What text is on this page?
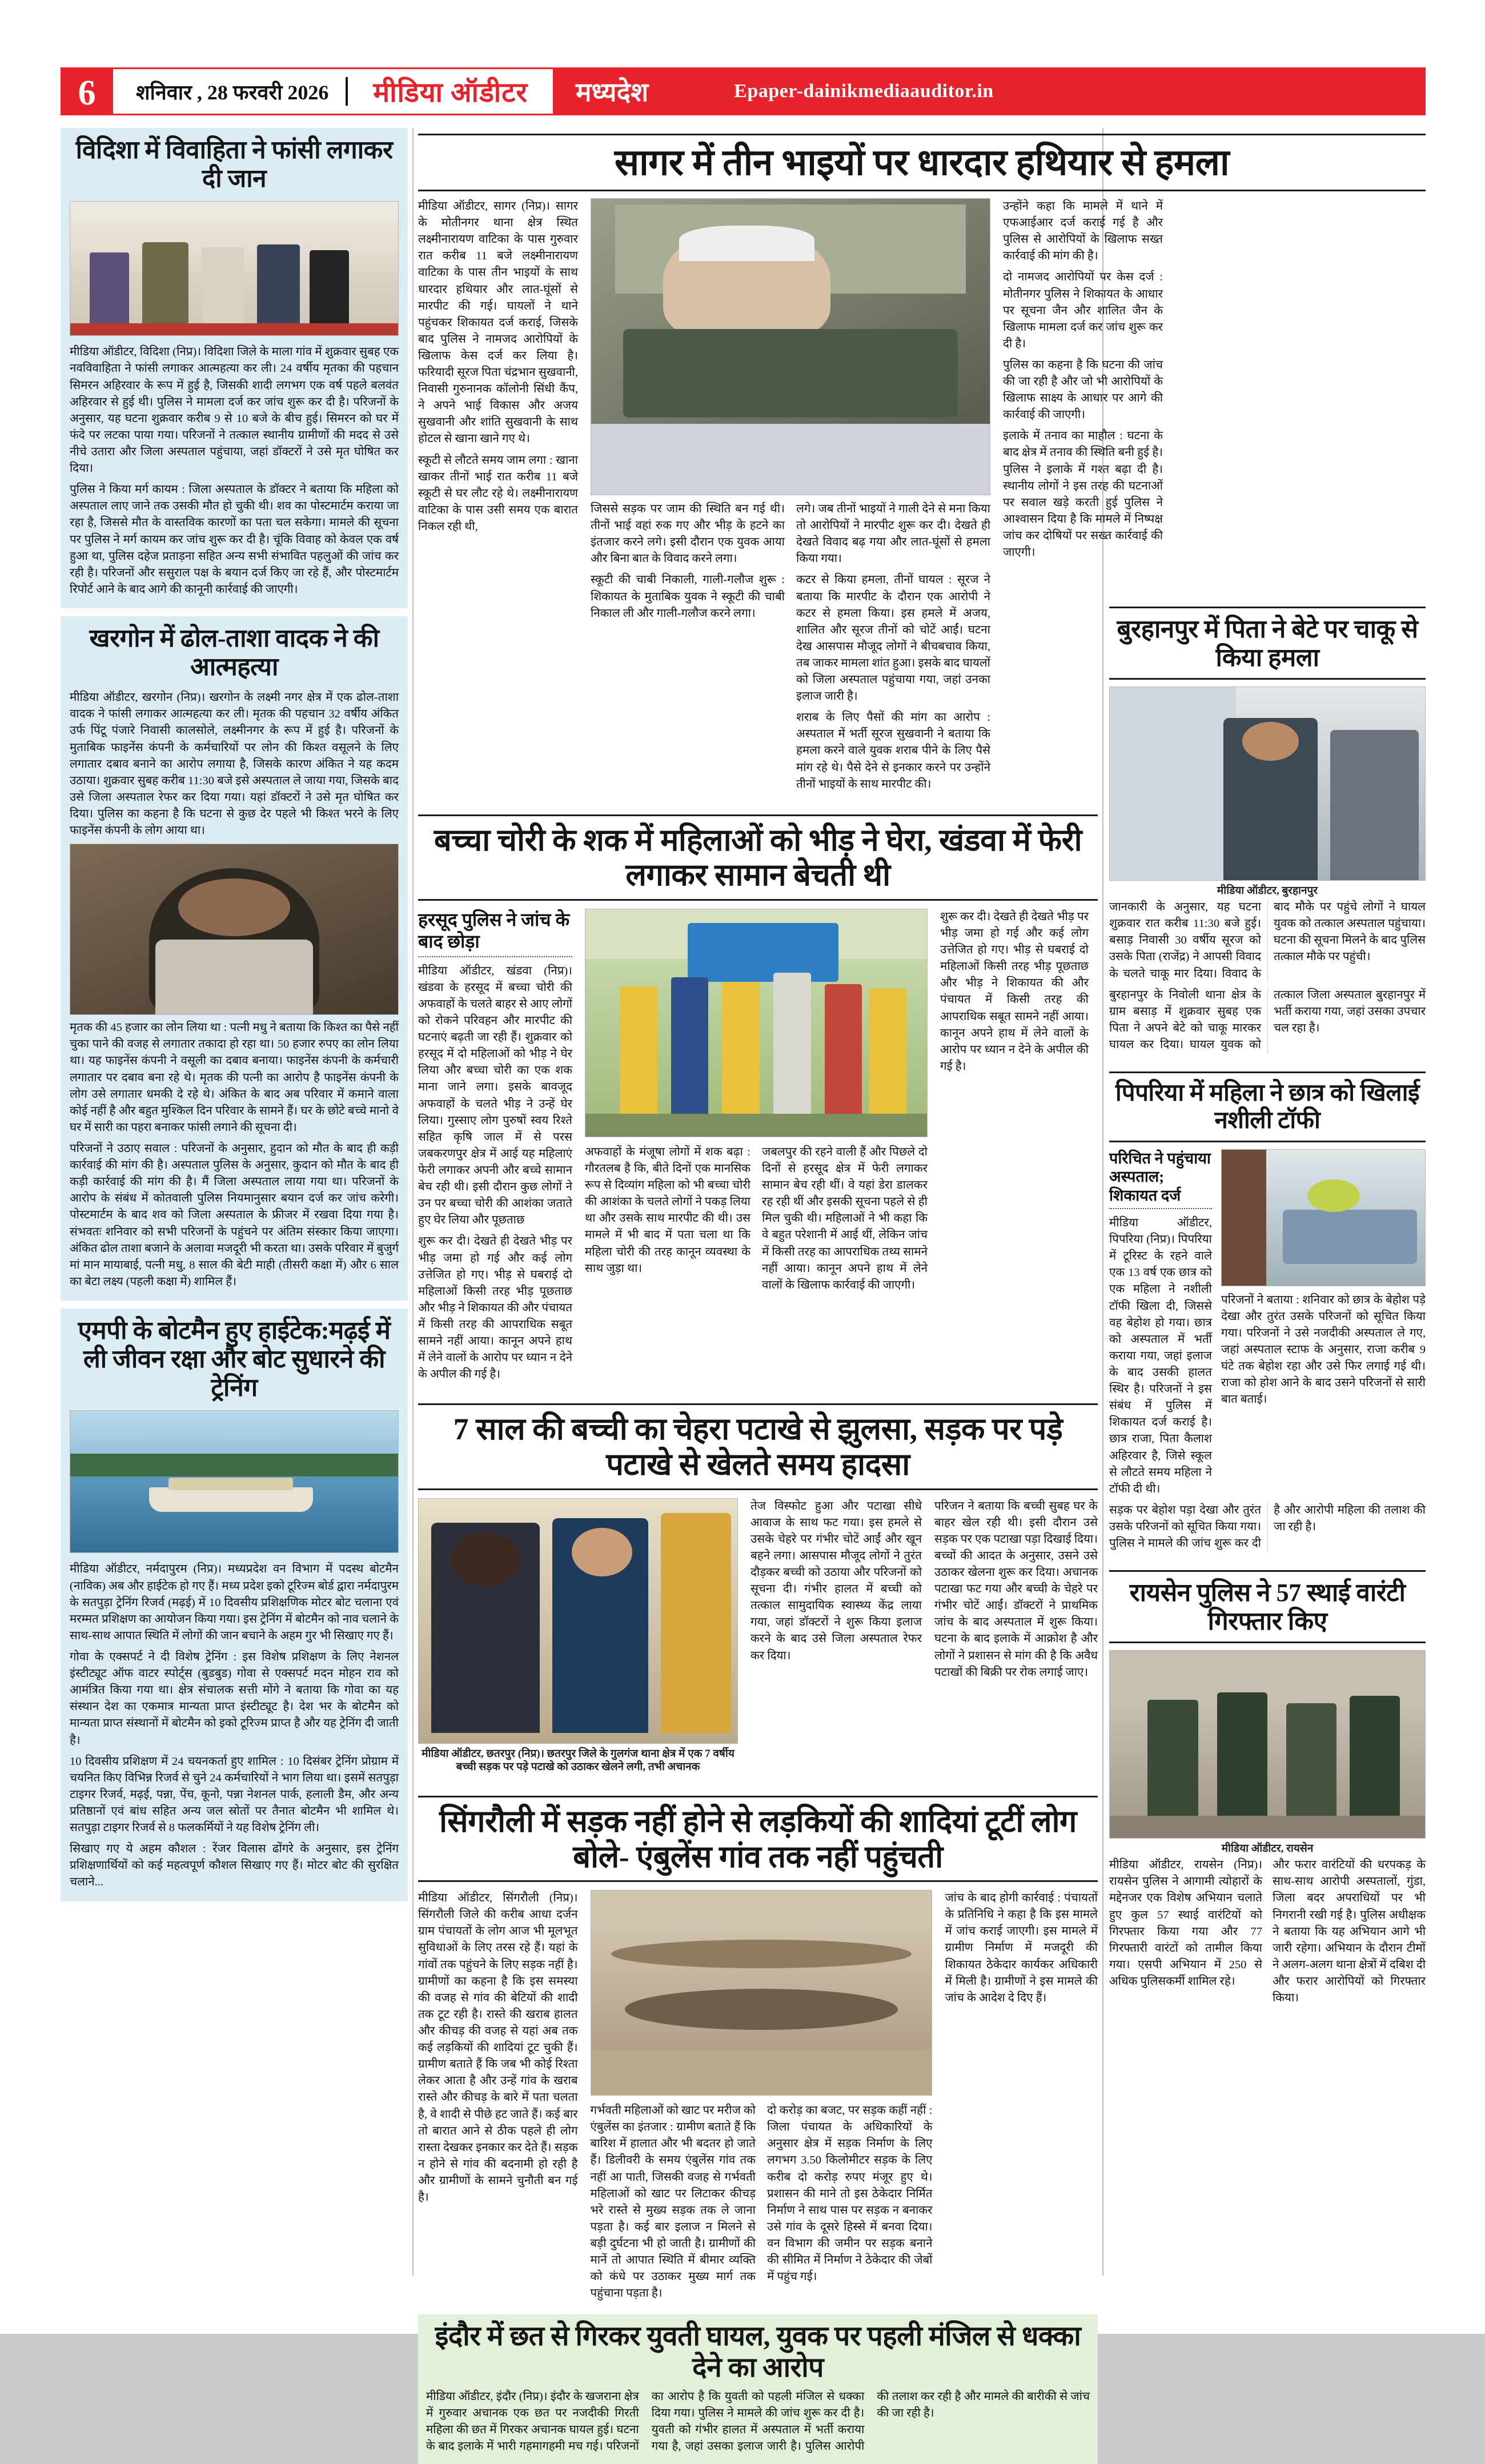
6	शनिवार , 28 फरवरी 2026	मीडिया ऑडीटर	मध्यदेश	Epaper-dainikmediaauditor.in
विदिशा में विवाहिता ने फांसी लगाकर दी जान
मीडिया ऑडीटर, विदिशा (निप्र)। विदिशा जिले के माला गांव में शुक्रवार सुबह एक नवविवाहिता ने फांसी लगाकर आत्महत्या कर ली। 24 वर्षीय मृतका की पहचान सिमरन अहिरवार के रूप में हुई है, जिसकी शादी लगभग एक वर्ष पहले बलवंत अहिरवार से हुई थी। पुलिस ने मामला दर्ज कर जांच शुरू कर दी है। परिजनों के अनुसार, यह घटना शुक्रवार करीब 9 से 10 बजे के बीच हुई। सिमरन को घर में फंदे पर लटका पाया गया। परिजनों ने तत्काल स्थानीय ग्रामीणों की मदद से उसे नीचे उतारा और जिला अस्पताल पहुंचाया, जहां डॉक्टरों ने उसे मृत घोषित कर दिया।
पुलिस ने किया मर्ग कायम : जिला अस्पताल के डॉक्टर ने बताया कि महिला को अस्पताल लाए जाने तक उसकी मौत हो चुकी थी। शव का पोस्टमार्टम कराया जा रहा है, जिससे मौत के वास्तविक कारणों का पता चल सकेगा। मामले की सूचना पर पुलिस ने मर्ग कायम कर जांच शुरू कर दी है। चूंकि विवाह को केवल एक वर्ष हुआ था, पुलिस दहेज प्रताड़ना सहित अन्य सभी संभावित पहलुओं की जांच कर रही है। परिजनों और ससुराल पक्ष के बयान दर्ज किए जा रहे हैं, और पोस्टमार्टम रिपोर्ट आने के बाद आगे की कानूनी कार्रवाई की जाएगी।
खरगोन में ढोल-ताशा वादक ने की आत्महत्या
मीडिया ऑडीटर, खरगोन (निप्र)। खरगोन के लक्ष्मी नगर क्षेत्र में एक ढोल-ताशा वादक ने फांसी लगाकर आत्महत्या कर ली। मृतक की पहचान 32 वर्षीय अंकित उर्फ पिंटू पंजारे निवासी कालसोले, लक्ष्मीनगर के रूप में हुई है। परिजनों के मुताबिक फाइनेंस कंपनी के कर्मचारियों पर लोन की किश्त वसूलने के लिए लगातार दबाव बनाने का आरोप लगाया है, जिसके कारण अंकित ने यह कदम उठाया। शुक्रवार सुबह करीब 11:30 बजे इसे अस्पताल ले जाया गया, जिसके बाद उसे जिला अस्पताल रेफर कर दिया गया। यहां डॉक्टरों ने उसे मृत घोषित कर दिया। पुलिस का कहना है कि घटना से कुछ देर पहले भी किश्त भरने के लिए फाइनेंस कंपनी के लोग आया था।
मृतक की 45 हजार का लोन लिया था : पत्नी मधु ने बताया कि किश्त का पैसे नहीं चुका पाने की वजह से लगातार तकादा हो रहा था। 50 हजार रुपए का लोन लिया था। यह फाइनेंस कंपनी ने वसूली का दबाव बनाया। फाइनेंस कंपनी के कर्मचारी लगातार पर दबाव बना रहे थे। मृतक की पत्नी का आरोप है फाइनेंस कंपनी के लोग उसे लगातार धमकी दे रहे थे। अंकित के बाद अब परिवार में कमाने वाला कोई नहीं है और बहुत मुश्किल दिन परिवार के सामने हैं। घर के छोटे बच्चे मानो वे घर में सारी का पहरा बनाकर फांसी लगाने की सूचना दी।
परिजनों ने उठाए सवाल : परिजनों के अनुसार, हुदान को मौत के बाद ही कड़ी कार्रवाई की मांग की है। अस्पताल पुलिस के अनुसार, कुदान को मौत के बाद ही कड़ी कार्रवाई की मांग की है। मैं जिला अस्पताल लाया गया था। परिजनों के आरोप के संबंध में कोतवाली पुलिस नियमानुसार बयान दर्ज कर जांच करेगी। पोस्टमार्टम के बाद शव को जिला अस्पताल के फ्रीजर में रखवा दिया गया है। संभवतः शनिवार को सभी परिजनों के पहुंचने पर अंतिम संस्कार किया जाएगा। अंकित ढोल ताशा बजाने के अलावा मजदूरी भी करता था। उसके परिवार में बुजुर्ग मां मान मायाबाई, पत्नी मधु, 8 साल की बेटी माही (तीसरी कक्षा में) और 6 साल का बेटा लक्ष्य (पहली कक्षा में) शामिल हैं।
एमपी के बोटमैन हुए हाईटेक:मढ़ई में ली जीवन रक्षा और बोट सुधारने की ट्रेनिंग
मीडिया ऑडीटर, नर्मदापुरम (निप्र)। मध्यप्रदेश वन विभाग में पदस्थ बोटमैन (नाविक) अब और हाईटेक हो गए हैं। मध्य प्रदेश इको टूरिज्म बोर्ड द्वारा नर्मदापुरम के सतपुड़ा ट्रेनिंग रिजर्व (मढ़ई) में 10 दिवसीय प्रशिक्षणिक मोटर बोट चलाना एवं मरम्मत प्रशिक्षण का आयोजन किया गया। इस ट्रेनिंग में बोटमैन को नाव चलाने के साथ-साथ आपात स्थिति में लोगों की जान बचाने के अहम गुर भी सिखाए गए हैं।
गोवा के एक्सपर्ट ने दी विशेष ट्रेनिंग : इस विशेष प्रशिक्षण के लिए नेशनल इंस्टीट्यूट ऑफ वाटर स्पोर्ट्स (बुडबुड) गोवा से एक्सपर्ट मदन मोहन राव को आमंत्रित किया गया था। क्षेत्र संचालक सत्ती मोंगे ने बताया कि गोवा का यह संस्थान देश का एकमात्र मान्यता प्राप्त इंस्टीट्यूट है। देश भर के बोटमैन को मान्यता प्राप्त संस्थानों में बोटमैन को इको टूरिज्म प्राप्त है और यह ट्रेनिंग दी जाती है।
10 दिवसीय प्रशिक्षण में 24 चयनकर्ता हुए शामिल : 10 दिसंबर ट्रेनिंग प्रोग्राम में चयनित किए विभिन्न रिजर्व से चुने 24 कर्मचारियों ने भाग लिया था। इसमें सतपुड़ा टाइगर रिजर्व, मढ़ई, पन्ना, पेंच, कूनो, पन्ना नेशनल पार्क, हलाली डैम, और अन्य प्रतिष्ठानों एवं बांध सहित अन्य जल स्रोतों पर तैनात बोटमैन भी शामिल थे। सतपुड़ा टाइगर रिजर्व से 8 फलकर्मियों ने यह विशेष ट्रेनिंग ली।
सिखाए गए ये अहम कौशल : रेंजर विलास ढोंगरे के अनुसार, इस ट्रेनिंग प्रशिक्षणार्थियों को कई महत्वपूर्ण कौशल सिखाए गए हैं। मोटर बोट की सुरक्षित चलाने...
सागर में तीन भाइयों पर धारदार हथियार से हमला
मीडिया ऑडीटर, सागर (निप्र)। सागर के मोतीनगर थाना क्षेत्र स्थित लक्ष्मीनारायण वाटिका के पास गुरुवार रात करीब 11 बजे लक्ष्मीनारायण वाटिका के पास तीन भाइयों के साथ धारदार हथियार और लात-घूंसों से मारपीट की गई। घायलों ने थाने पहुंचकर शिकायत दर्ज कराई, जिसके बाद पुलिस ने नामजद आरोपियों के खिलाफ केस दर्ज कर लिया है। फरियादी सूरज पिता चंद्रभान सुखवानी, निवासी गुरुनानक कॉलोनी सिंधी कैंप, ने अपने भाई विकास और अजय सुखवानी और शांति सुखवानी के साथ होटल से खाना खाने गए थे।
स्कूटी से लौटते समय जाम लगा : खाना खाकर तीनों भाई रात करीब 11 बजे स्कूटी से घर लौट रहे थे। लक्ष्मीनारायण वाटिका के पास उसी समय एक बारात निकल रही थी,
जिससे सड़क पर जाम की स्थिति बन गई थी। तीनों भाई वहां रुक गए और भीड़ के हटने का इंतजार करने लगे। इसी दौरान एक युवक आया और बिना बात के विवाद करने लगा।
स्कूटी की चाबी निकाली, गाली-गलौज शुरू : शिकायत के मुताबिक युवक ने स्कूटी की चाबी निकाल ली और गाली-गलौज करने लगा।
लगे। जब तीनों भाइयों ने गाली देने से मना किया तो आरोपियों ने मारपीट शुरू कर दी। देखते ही देखते विवाद बढ़ गया और लात-घूंसों से हमला किया गया।
कटर से किया हमला, तीनों घायल : सूरज ने बताया कि मारपीट के दौरान एक आरोपी ने कटर से हमला किया। इस हमले में अजय, शालित और सूरज तीनों को चोटें आईं। घटना देख आसपास मौजूद लोगों ने बीचबचाव किया, तब जाकर मामला शांत हुआ। इसके बाद घायलों को जिला अस्पताल पहुंचाया गया, जहां उनका इलाज जारी है।
शराब के लिए पैसों की मांग का आरोप : अस्पताल में भर्ती सूरज सुखवानी ने बताया कि हमला करने वाले युवक शराब पीने के लिए पैसे मांग रहे थे। पैसे देने से इनकार करने पर उन्होंने तीनों भाइयों के साथ मारपीट की।
उन्होंने कहा कि मामले में थाने में एफआईआर दर्ज कराई गई है और पुलिस से आरोपियों के खिलाफ सख्त कार्रवाई की मांग की है।
दो नामजद आरोपियों पर केस दर्ज : मोतीनगर पुलिस ने शिकायत के आधार पर सूचना जैन और शालित जैन के खिलाफ मामला दर्ज कर जांच शुरू कर दी है।
पुलिस का कहना है कि घटना की जांच की जा रही है और जो भी आरोपियों के खिलाफ साक्ष्य के आधार पर आगे की कार्रवाई की जाएगी।
इलाके में तनाव का माहौल : घटना के बाद क्षेत्र में तनाव की स्थिति बनी हुई है। पुलिस ने इलाके में गश्त बढ़ा दी है। स्थानीय लोगों ने इस तरह की घटनाओं पर सवाल खड़े करती हुई पुलिस ने आश्वासन दिया है कि मामले में निष्पक्ष जांच कर दोषियों पर सख्त कार्रवाई की जाएगी।
बच्चा चोरी के शक में महिलाओं को भीड़ ने घेरा, खंडवा में फेरी लगाकर सामान बेचती थी
हरसूद पुलिस ने जांच के बाद छोड़ा
मीडिया ऑडीटर, खंडवा (निप्र)। खंडवा के हरसूद में बच्चा चोरी की अफवाहों के चलते बाहर से आए लोगों को रोकने परिवहन और मारपीट की घटनाएं बढ़ती जा रही हैं। शुक्रवार को हरसूद में दो महिलाओं को भीड़ ने घेर लिया और बच्चा चोरी का एक शक माना जाने लगा। इसके बावजूद अफवाहों के चलते भीड़ ने उन्हें घेर लिया। गुस्साए लोग पुरुषों स्वय रिश्ते सहित कृषि जाल में से परस जबकरणपुर क्षेत्र में आई यह महिलाएं फेरी लगाकर अपनी और बच्चे सामान बेच रही थी। इसी दौरान कुछ लोगों ने उन पर बच्चा चोरी की आशंका जताते हुए घेर लिया और पूछताछ
शुरू कर दी। देखते ही देखते भीड़ पर भीड़ जमा हो गई और कई लोग उत्तेजित हो गए। भीड़ से घबराई दो महिलाओं किसी तरह भीड़ पूछताछ और भीड़ ने शिकायत की और पंचायत में किसी तरह की आपराधिक सबूत सामने नहीं आया। कानून अपने हाथ में लेने वालों के आरोप पर ध्यान न देने के अपील की गई है।
अफवाहों के मंजूषा लोगों में शक बढ़ा : गौरतलब है कि, बीते दिनों एक मानसिक रूप से दिव्यांग महिला को भी बच्चा चोरी की आशंका के चलते लोगों ने पकड़ लिया था और उसके साथ मारपीट की थी। उस मामले में भी बाद में पता चला था कि महिला चोरी की तरह कानून व्यवस्था के साथ जुड़ा था।
जबलपुर की रहने वाली हैं और पिछले दो दिनों से हरसूद क्षेत्र में फेरी लगाकर सामान बेच रही थीं। वे यहां डेरा डालकर रह रही थीं और इसकी सूचना पहले से ही मिल चुकी थी। महिलाओं ने भी कहा कि वे बहुत परेशानी में आई थीं, लेकिन जांच में किसी तरह का आपराधिक तथ्य सामने नहीं आया। कानून अपने हाथ में लेने वालों के खिलाफ कार्रवाई की जाएगी।
शुरू कर दी। देखते ही देखते भीड़ पर भीड़ जमा हो गई और कई लोग उत्तेजित हो गए। भीड़ से घबराई दो महिलाओं किसी तरह भीड़ पूछताछ और भीड़ ने शिकायत की और पंचायत में किसी तरह की आपराधिक सबूत सामने नहीं आया। कानून अपने हाथ में लेने वालों के आरोप पर ध्यान न देने के अपील की गई है।
7 साल की बच्ची का चेहरा पटाखे से झुलसा, सड़क पर पड़े पटाखे से खेलते समय हादसा
मीडिया ऑडीटर, छतरपुर (निप्र)। छतरपुर जिले के गुलगंज थाना क्षेत्र में एक 7 वर्षीय बच्ची सड़क पर पड़े पटाखे को उठाकर खेलने लगी, तभी अचानक
तेज विस्फोट हुआ और पटाखा सीधे आवाज के साथ फट गया। इस हमले से उसके चेहरे पर गंभीर चोटें आईं और खून बहने लगा। आसपास मौजूद लोगों ने तुरंत दौड़कर बच्ची को उठाया और परिजनों को सूचना दी। गंभीर हालत में बच्ची को तत्काल सामुदायिक स्वास्थ्य केंद्र लाया गया, जहां डॉक्टरों ने शुरू किया इलाज करने के बाद उसे जिला अस्पताल रेफर कर दिया।
परिजन ने बताया कि बच्ची सुबह घर के बाहर खेल रही थी। इसी दौरान उसे सड़क पर एक पटाखा पड़ा दिखाई दिया। बच्चों की आदत के अनुसार, उसने उसे उठाकर खेलना शुरू कर दिया। अचानक पटाखा फट गया और बच्ची के चेहरे पर गंभीर चोटें आईं। डॉक्टरों ने प्राथमिक जांच के बाद अस्पताल में शुरू किया। घटना के बाद इलाके में आक्रोश है और लोगों ने प्रशासन से मांग की है कि अवैध पटाखों की बिक्री पर रोक लगाई जाए।
सिंगरौली में सड़क नहीं होने से लड़कियों की शादियां टूटीं लोग बोले- एंबुलेंस गांव तक नहीं पहुंचती
मीडिया ऑडीटर, सिंगरौली (निप्र)। सिंगरौली जिले की करीब आधा दर्जन ग्राम पंचायतों के लोग आज भी मूलभूत सुविधाओं के लिए तरस रहे हैं। यहां के गांवों तक पहुंचने के लिए सड़क नहीं है। ग्रामीणों का कहना है कि इस समस्या की वजह से गांव की बेटियों की शादी तक टूट रही है। रास्ते की खराब हालत और कीचड़ की वजह से यहां अब तक कई लड़कियों की शादियां टूट चुकी हैं। ग्रामीण बताते हैं कि जब भी कोई रिश्ता लेकर आता है और उन्हें गांव के खराब रास्ते और कीचड़ के बारे में पता चलता है, वे शादी से पीछे हट जाते हैं। कई बार तो बारात आने से ठीक पहले ही लोग रास्ता देखकर इनकार कर देते हैं। सड़क न होने से गांव की बदनामी हो रही है और ग्रामीणों के सामने चुनौती बन गई है।
गर्भवती महिलाओं को खाट पर मरीज को एंबुलेंस का इंतजार : ग्रामीण बताते हैं कि बारिश में हालात और भी बदतर हो जाते हैं। डिलीवरी के समय एंबुलेंस गांव तक नहीं आ पाती, जिसकी वजह से गर्भवती महिलाओं को खाट पर लिटाकर कीचड़ भरे रास्ते से मुख्य सड़क तक ले जाना पड़ता है। कई बार इलाज न मिलने से बड़ी दुर्घटना भी हो जाती है। ग्रामीणों की मानें तो आपात स्थिति में बीमार व्यक्ति को कंधे पर उठाकर मुख्य मार्ग तक पहुंचाना पड़ता है।
दो करोड़ का बजट, पर सड़क कहीं नहीं : जिला पंचायत के अधिकारियों के अनुसार क्षेत्र में सड़क निर्माण के लिए लगभग 3.50 किलोमीटर सड़क के लिए करीब दो करोड़ रुपए मंजूर हुए थे। प्रशासन की माने तो इस ठेकेदार निर्मित निर्माण ने साथ पास पर सड़क न बनाकर उसे गांव के दूसरे हिस्से में बनवा दिया। वन विभाग की जमीन पर सड़क बनाने की सीमित में निर्माण ने ठेकेदार की जेबों में पहुंच गई।
जांच के बाद होगी कार्रवाई : पंचायतों के प्रतिनिधि ने कहा है कि इस मामले में जांच कराई जाएगी। इस मामले में ग्रामीण निर्माण में मजदूरी की शिकायत ठेकेदार कार्यकर अधिकारी में मिली है। ग्रामीणों ने इस मामले की जांच के आदेश दे दिए हैं।
इंदौर में छत से गिरकर युवती घायल, युवक पर पहली मंजिल से धक्का देने का आरोप
मीडिया ऑडीटर, इंदौर (निप्र)। इंदौर के खजराना क्षेत्र में गुरुवार अचानक एक छत पर नजदीकी गिरती महिला की छत में गिरकर अचानक घायल हुई। घटना के बाद इलाके में भारी गहमागहमी मच गई। परिजनों का आरोप है कि युवती को पहली मंजिल से धक्का दिया गया। पुलिस ने मामले की जांच शुरू कर दी है। युवती को गंभीर हालत में अस्पताल में भर्ती कराया गया है, जहां उसका इलाज जारी है। पुलिस आरोपी की तलाश कर रही है और मामले की बारीकी से जांच की जा रही है।
बुरहानपुर में पिता ने बेटे पर चाकू से किया हमला
मीडिया ऑडीटर, बुरहानपुर
जानकारी के अनुसार, यह घटना शुक्रवार रात करीब 11:30 बजे हुई। बसाड़ निवासी 30 वर्षीय सूरज को उसके पिता (राजेंद्र) ने आपसी विवाद के चलते चाकू मार दिया। विवाद के बाद मौके पर पहुंचे लोगों ने घायल युवक को तत्काल अस्पताल पहुंचाया। घटना की सूचना मिलने के बाद पुलिस तत्काल मौके पर पहुंची।
बुरहानपुर के निवोली थाना क्षेत्र के ग्राम बसाड़ में शुक्रवार सुबह एक पिता ने अपने बेटे को चाकू मारकर घायल कर दिया। घायल युवक को तत्काल जिला अस्पताल बुरहानपुर में भर्ती कराया गया, जहां उसका उपचार चल रहा है।
पिपरिया में महिला ने छात्र को खिलाई नशीली टॉफी
परिचित ने पहुंचाया अस्पताल; शिकायत दर्ज
मीडिया ऑडीटर, पिपरिया (निप्र)। पिपरिया में टूरिस्ट के रहने वाले एक 13 वर्ष एक छात्र को एक महिला ने नशीली टॉफी खिला दी, जिससे वह बेहोश हो गया। छात्र को अस्पताल में भर्ती कराया गया, जहां इलाज के बाद उसकी हालत स्थिर है। परिजनों ने इस संबंध में पुलिस में शिकायत दर्ज कराई है। छात्र राजा, पिता कैलाश अहिरवार है, जिसे स्कूल से लौटते समय महिला ने टॉफी दी थी।
परिजनों ने बताया : शनिवार को छात्र के बेहोश पड़े देखा और तुरंत उसके परिजनों को सूचित किया गया। परिजनों ने उसे नजदीकी अस्पताल ले गए, जहां अस्पताल स्टाफ के अनुसार, राजा करीब 9 घंटे तक बेहोश रहा और उसे फिर लगाई गई थी। राजा को होश आने के बाद उसने परिजनों से सारी बात बताई।
सड़क पर बेहोश पड़ा देखा और तुरंत उसके परिजनों को सूचित किया गया। पुलिस ने मामले की जांच शुरू कर दी है और आरोपी महिला की तलाश की जा रही है।
रायसेन पुलिस ने 57 स्थाई वारंटी गिरफ्तार किए
मीडिया ऑडीटर, रायसेन
मीडिया ऑडीटर, रायसेन (निप्र)। रायसेन पुलिस ने आगामी त्योहारों के मद्देनजर एक विशेष अभियान चलाते हुए कुल 57 स्थाई वारंटियों को गिरफ्तार किया गया और 77 गिरफ्तारी वारंटों को तामील किया गया। एसपी अभियान में 250 से अधिक पुलिसकर्मी शामिल रहे।
और फरार वारंटियों की धरपकड़ के साथ-साथ आरोपी अस्पतालों, गुंडा, जिला बदर अपराधियों पर भी निगरानी रखी गई है। पुलिस अधीक्षक ने बताया कि यह अभियान आगे भी जारी रहेगा। अभियान के दौरान टीमों ने अलग-अलग थाना क्षेत्रों में दबिश दी और फरार आरोपियों को गिरफ्तार किया।
